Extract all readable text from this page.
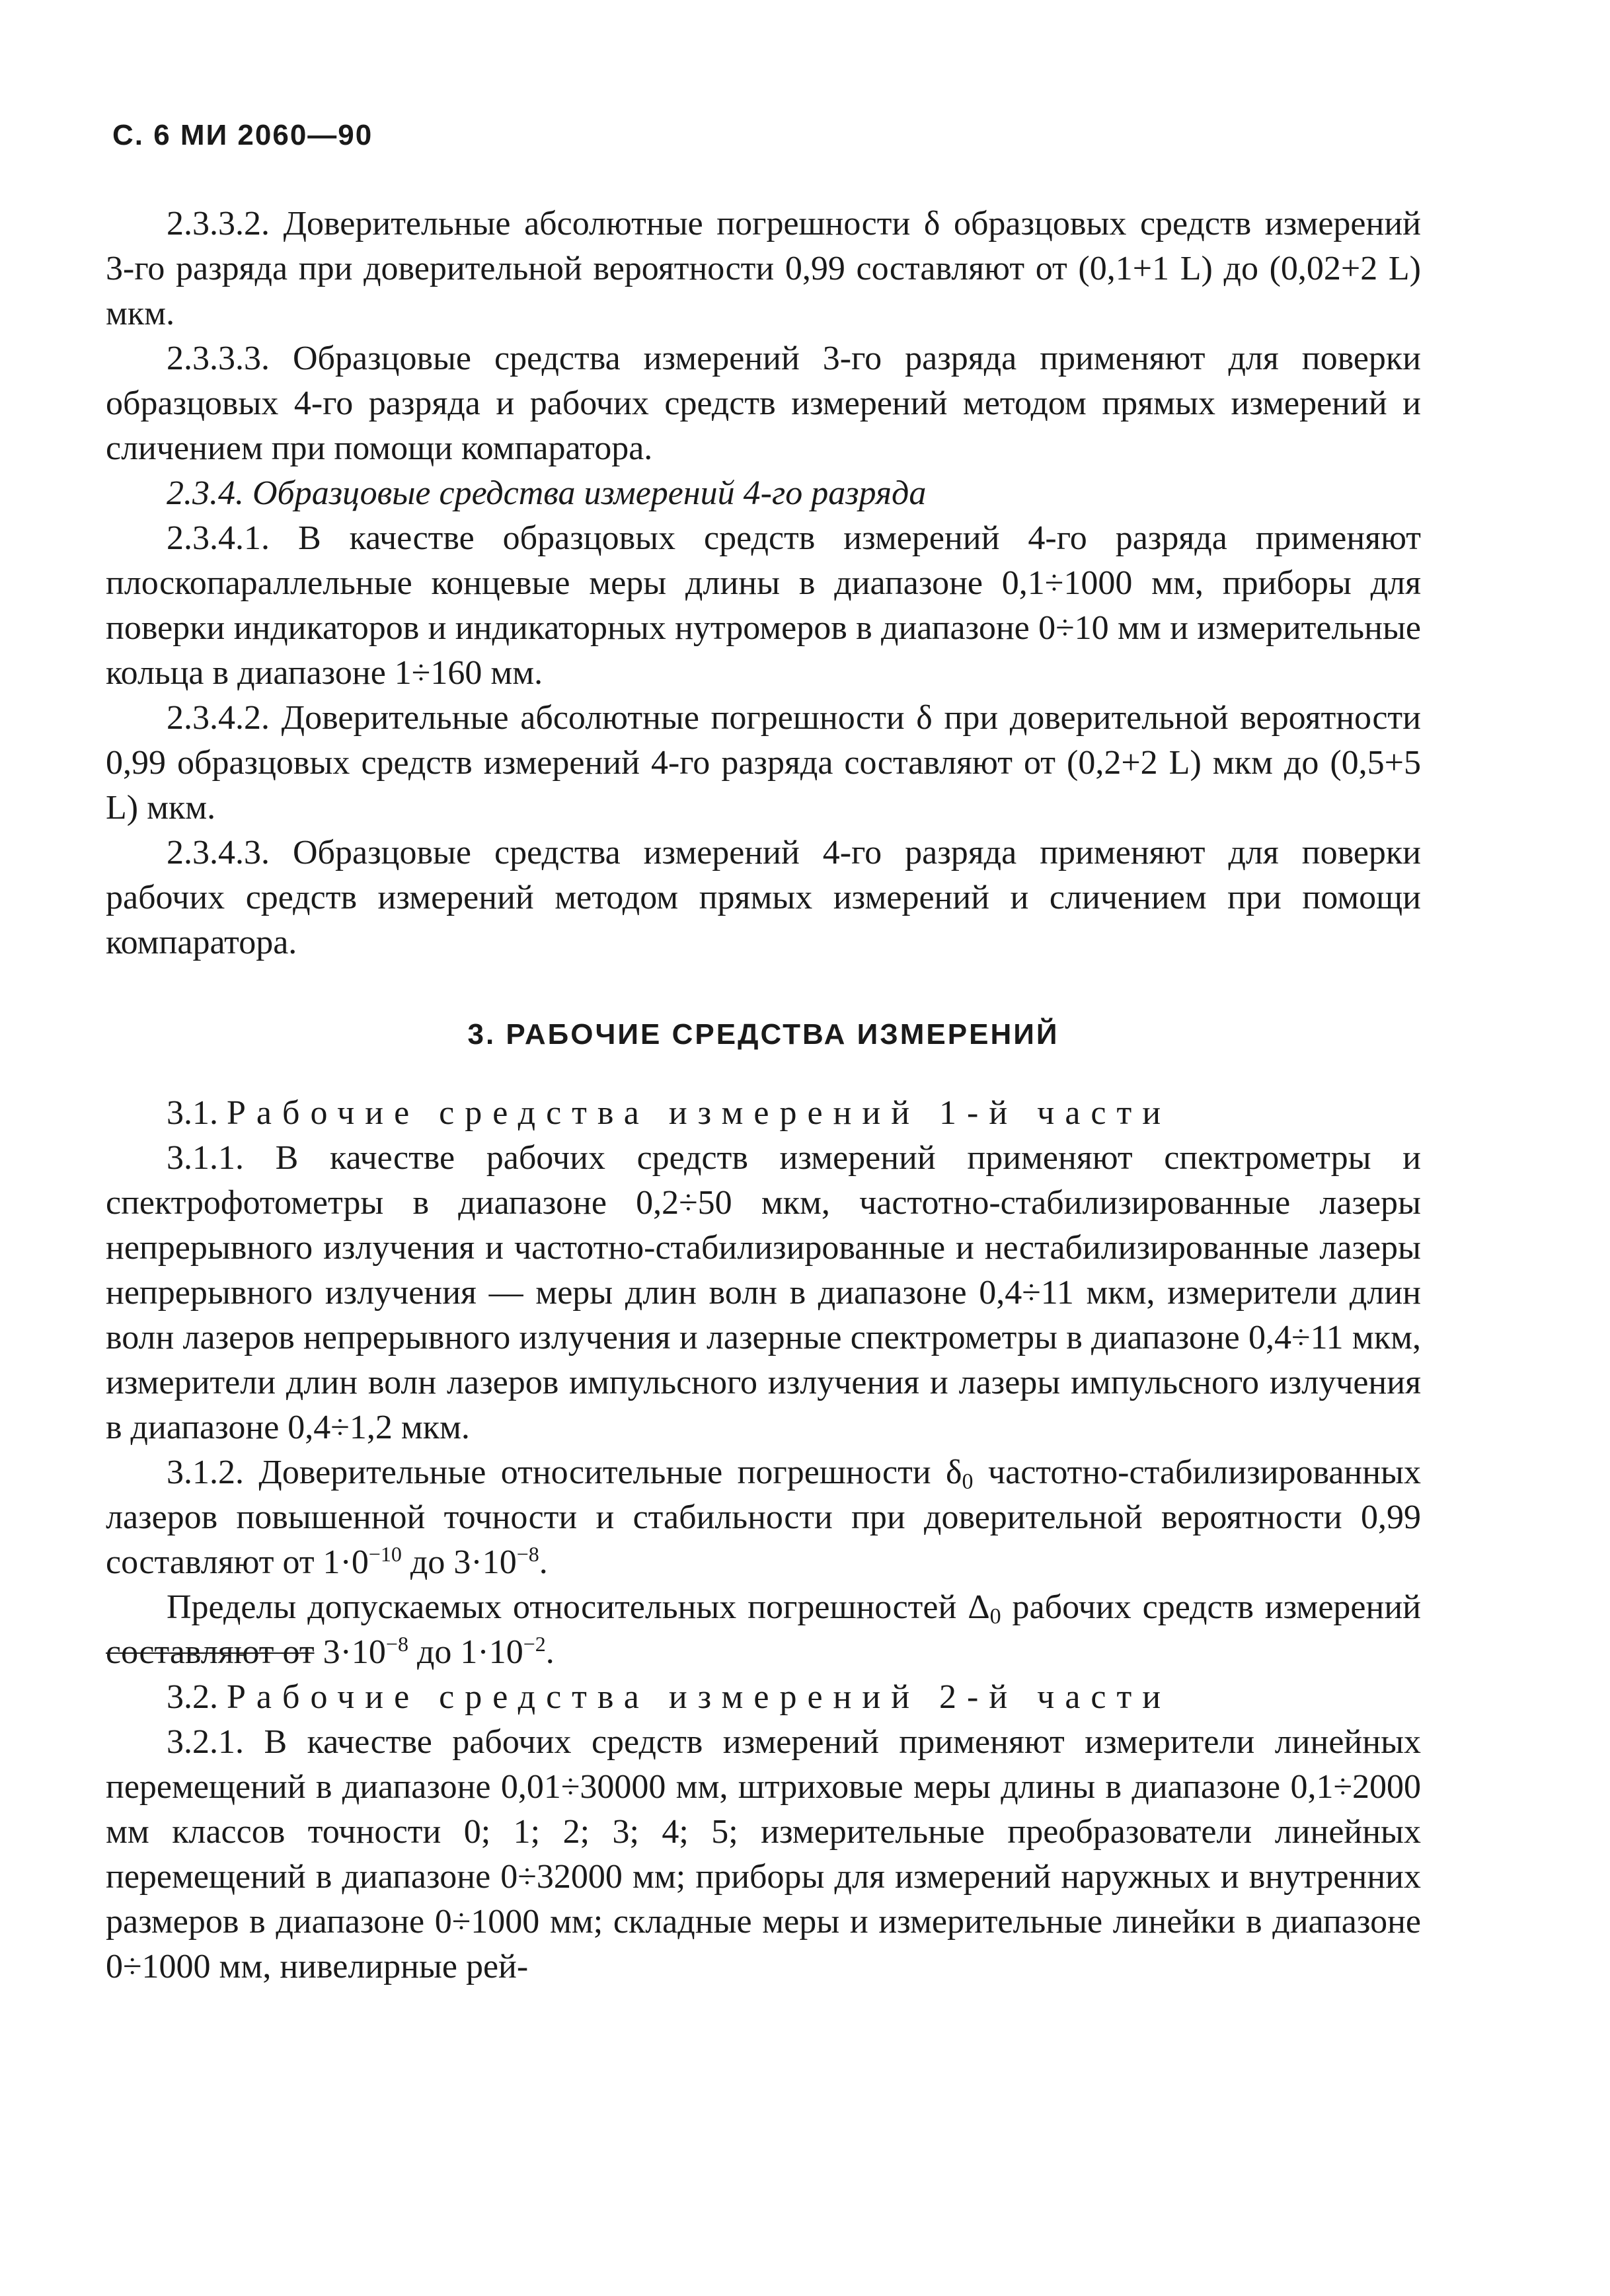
С. 6 МИ 2060—90

2.3.3.2. Доверительные абсолютные погрешности δ образцовых средств измерений 3-го разряда при доверительной вероятности 0,99 составляют от (0,1+1 L) до (0,02+2 L) мкм.

2.3.3.3. Образцовые средства измерений 3-го разряда применяют для поверки образцовых 4-го разряда и рабочих средств измерений методом прямых измерений и сличением при помощи компаратора.

2.3.4. Образцовые средства измерений 4-го разряда

2.3.4.1. В качестве образцовых средств измерений 4-го разряда применяют плоскопараллельные концевые меры длины в диапазоне 0,1÷1000 мм, приборы для поверки индикаторов и индикаторных нутромеров в диапазоне 0÷10 мм и измерительные кольца в диапазоне 1÷160 мм.

2.3.4.2. Доверительные абсолютные погрешности δ при доверительной вероятности 0,99 образцовых средств измерений 4-го разряда составляют от (0,2+2 L) мкм до (0,5+5 L) мкм.

2.3.4.3. Образцовые средства измерений 4-го разряда применяют для поверки рабочих средств измерений методом прямых измерений и сличением при помощи компаратора.

3. РАБОЧИЕ СРЕДСТВА ИЗМЕРЕНИЙ

3.1. Рабочие средства измерений 1-й части

3.1.1. В качестве рабочих средств измерений применяют спектрометры и спектрофотометры в диапазоне 0,2÷50 мкм, частотно-стабилизированные лазеры непрерывного излучения и частотно-стабилизированные и нестабилизированные лазеры непрерывного излучения — меры длин волн в диапазоне 0,4÷11 мкм, измерители длин волн лазеров непрерывного излучения и лазерные спектрометры в диапазоне 0,4÷11 мкм, измерители длин волн лазеров импульсного излучения и лазеры импульсного излучения в диапазоне 0,4÷1,2 мкм.

3.1.2. Доверительные относительные погрешности $\delta_0$ частотно-стабилизированных лазеров повышенной точности и стабильности при доверительной вероятности 0,99 составляют от $1\cdot 0^{-10}$ до $3\cdot 10^{-8}$.

Пределы допускаемых относительных погрешностей $\Delta_0$ рабочих средств измерений составляют от $3\cdot 10^{-8}$ до $1\cdot 10^{-2}$.

3.2. Рабочие средства измерений 2-й части

3.2.1. В качестве рабочих средств измерений применяют измерители линейных перемещений в диапазоне 0,01÷30000 мм, штриховые меры длины в диапазоне 0,1÷2000 мм классов точности 0; 1; 2; 3; 4; 5; измерительные преобразователи линейных перемещений в диапазоне 0÷32000 мм; приборы для измерений наружных и внутренних размеров в диапазоне 0÷1000 мм; складные меры и измерительные линейки в диапазоне 0÷1000 мм, нивелирные рей-
